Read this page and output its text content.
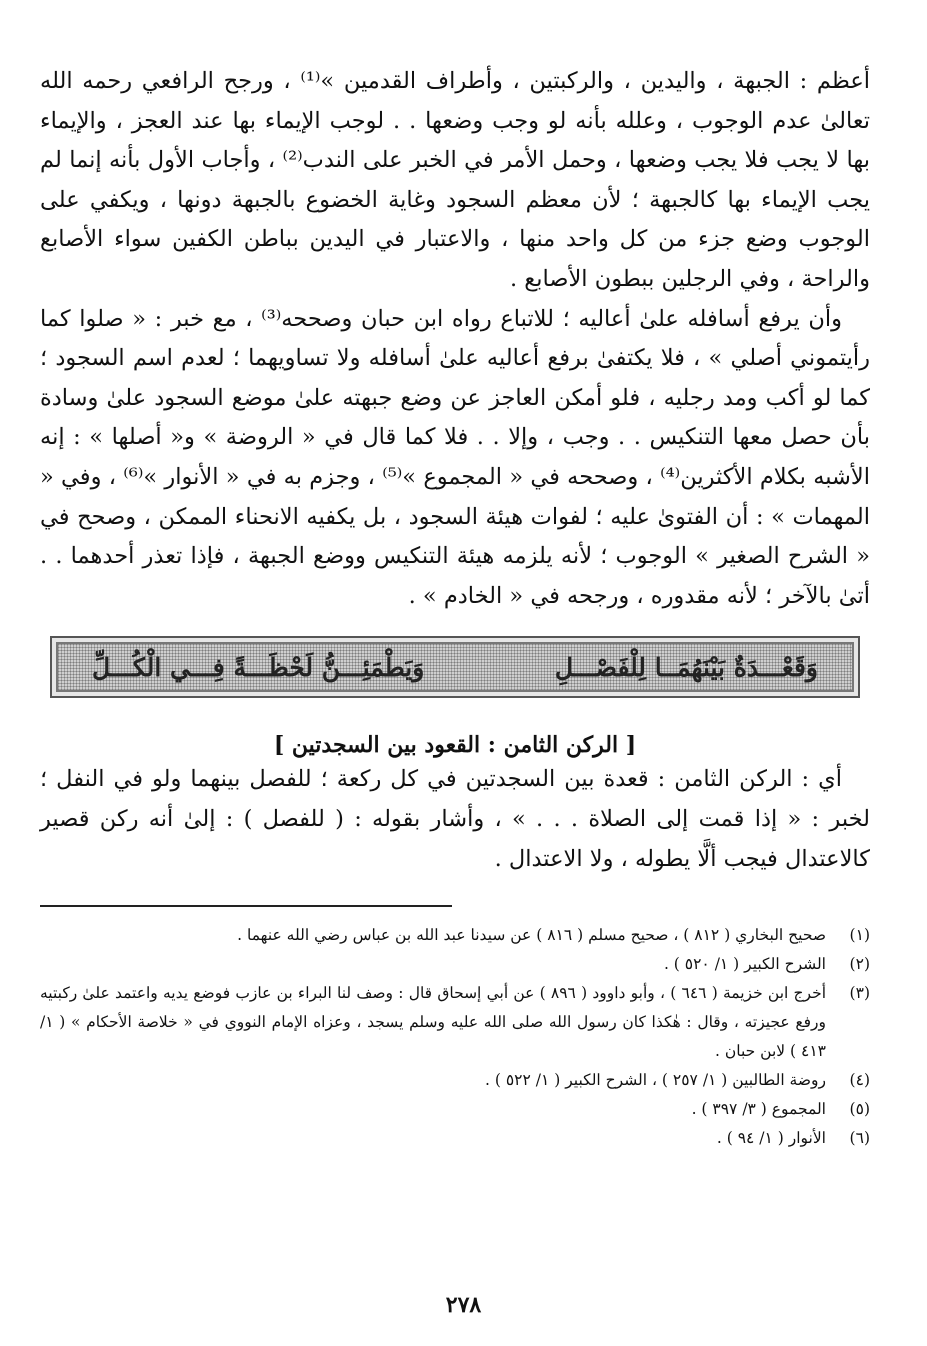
أعظم : الجبهة ، واليدين ، والركبتين ، وأطراف القدمين »⁽¹⁾ ، ورجح الرافعي رحمه الله تعالىٰ عدم الوجوب ، وعلله بأنه لو وجب وضعها . . لوجب الإيماء بها عند العجز ، والإيماء بها لا يجب فلا يجب وضعها ، وحمل الأمر في الخبر على الندب⁽²⁾ ، وأجاب الأول بأنه إنما لم يجب الإيماء بها كالجبهة ؛ لأن معظم السجود وغاية الخضوع بالجبهة دونها ، ويكفي على الوجوب وضع جزء من كل واحد منها ، والاعتبار في اليدين بباطن الكفين سواء الأصابع والراحة ، وفي الرجلين ببطون الأصابع .

وأن يرفع أسافله علىٰ أعاليه ؛ للاتباع رواه ابن حبان وصححه⁽³⁾ ، مع خبر : « صلوا كما رأيتموني أصلي » ، فلا يكتفىٰ برفع أعاليه علىٰ أسافله ولا تساويهما ؛ لعدم اسم السجود ؛ كما لو أكب ومد رجليه ، فلو أمكن العاجز عن وضع جبهته علىٰ موضع السجود علىٰ وسادة بأن حصل معها التنكيس . . وجب ، وإلا . . فلا كما قال في « الروضة » و« أصلها » : إنه الأشبه بكلام الأكثرين⁽⁴⁾ ، وصححه في « المجموع »⁽⁵⁾ ، وجزم به في « الأنوار »⁽⁶⁾ ، وفي « المهمات » : أن الفتوىٰ عليه ؛ لفوات هيئة السجود ، بل يكفيه الانحناء الممكن ، وصحح في « الشرح الصغير » الوجوب ؛ لأنه يلزمه هيئة التنكيس ووضع الجبهة ، فإذا تعذر أحدهما . . أتىٰ بالآخر ؛ لأنه مقدوره ، ورجحه في « الخادم » .

وَقَعْـــدَةٌ بَيْنَهُمَــا لِلْفَصْـــلِ
وَيَطْمَئِـــنُّ لَحْظَـــةً فِـــي الْكُـــلِّ
[ الركن الثامن : القعود بين السجدتين ]

أي : الركن الثامن : قعدة بين السجدتين في كل ركعة ؛ للفصل بينهما ولو في النفل ؛ لخبر : « إذا قمت إلى الصلاة . . . » ، وأشار بقوله : ( للفصل ) : إلىٰ أنه ركن قصير كالاعتدال فيجب ألَّا يطوله ، ولا الاعتدال .

(١)
صحيح البخاري ( ٨١٢ ) ، صحيح مسلم ( ٨١٦ ) عن سيدنا عبد الله بن عباس رضي الله عنهما .
(٢)
الشرح الكبير ( ١/ ٥٢٠ ) .
(٣)
أخرج ابن خزيمة ( ٦٤٦ ) ، وأبو داوود ( ٨٩٦ ) عن أبي إسحاق قال : وصف لنا البراء بن عازب فوضع يديه واعتمد علىٰ ركبتيه ورفع عجيزته ، وقال : هٰكذا كان رسول الله صلى الله عليه وسلم يسجد ، وعزاه الإمام النووي في « خلاصة الأحكام » ( ١/ ٤١٣ ) لابن حبان .
(٤)
روضة الطالبين ( ١/ ٢٥٧ ) ، الشرح الكبير ( ١/ ٥٢٢ ) .
(٥)
المجموع ( ٣/ ٣٩٧ ) .
(٦)
الأنوار ( ١/ ٩٤ ) .
٢٧٨
